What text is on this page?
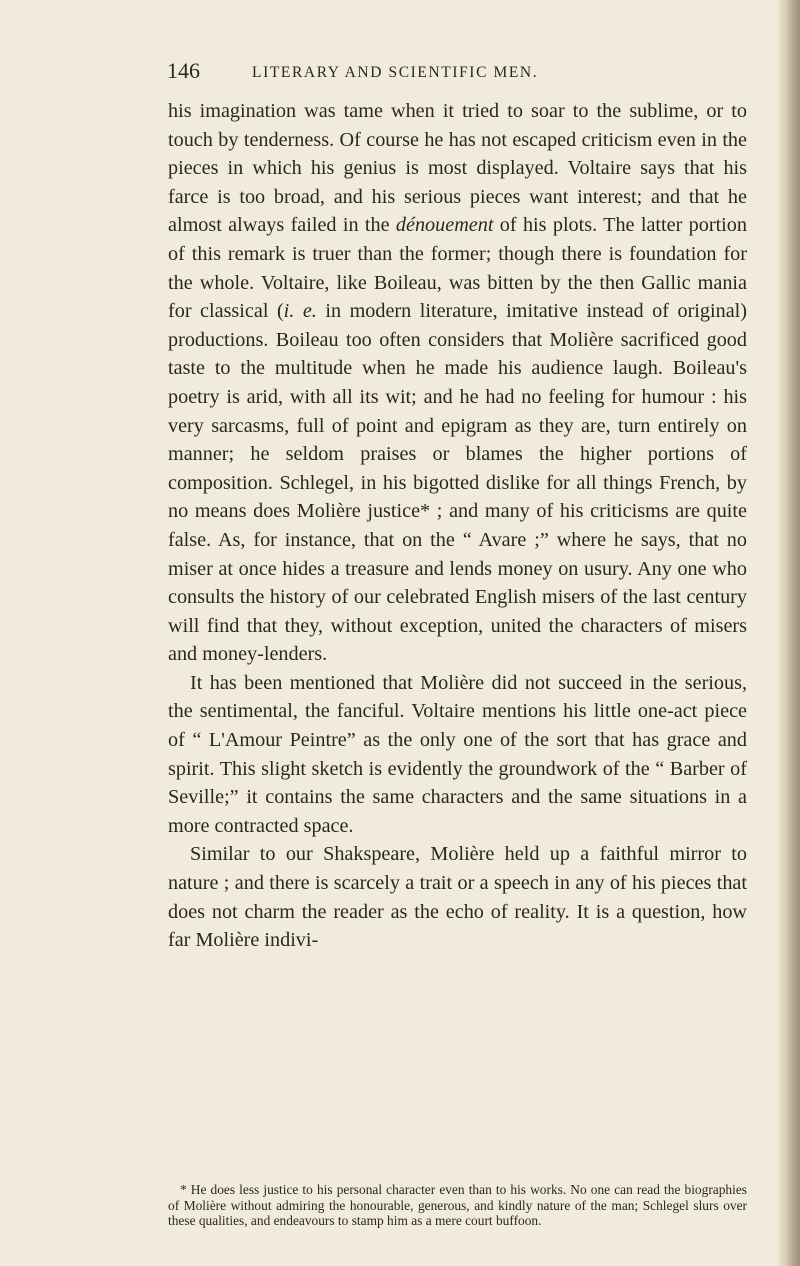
146	LITERARY AND SCIENTIFIC MEN.

his imagination was tame when it tried to soar to the sublime, or to touch by tenderness. Of course he has not escaped criticism even in the pieces in which his genius is most displayed. Voltaire says that his farce is too broad, and his serious pieces want interest; and that he almost always failed in the dénouement of his plots. The latter portion of this remark is truer than the former; though there is foundation for the whole. Voltaire, like Boileau, was bitten by the then Gallic mania for classical (i. e. in modern literature, imitative instead of original) productions. Boileau too often considers that Molière sacrificed good taste to the multitude when he made his audience laugh. Boileau's poetry is arid, with all its wit; and he had no feeling for humour : his very sarcasms, full of point and epigram as they are, turn entirely on manner; he seldom praises or blames the higher portions of composition. Schlegel, in his bigotted dislike for all things French, by no means does Molière justice* ; and many of his criticisms are quite false. As, for instance, that on the “ Avare ;” where he says, that no miser at once hides a treasure and lends money on usury. Any one who consults the history of our celebrated English misers of the last century will find that they, without exception, united the characters of misers and money-lenders.

It has been mentioned that Molière did not succeed in the serious, the sentimental, the fanciful. Voltaire mentions his little one-act piece of “ L'Amour Peintre” as the only one of the sort that has grace and spirit. This slight sketch is evidently the groundwork of the “ Barber of Seville;” it contains the same characters and the same situations in a more contracted space.

Similar to our Shakspeare, Molière held up a faithful mirror to nature ; and there is scarcely a trait or a speech in any of his pieces that does not charm the reader as the echo of reality. It is a question, how far Molière indivi-

* He does less justice to his personal character even than to his works. No one can read the biographies of Molière without admiring the honourable, generous, and kindly nature of the man; Schlegel slurs over these qualities, and endeavours to stamp him as a mere court buffoon.
